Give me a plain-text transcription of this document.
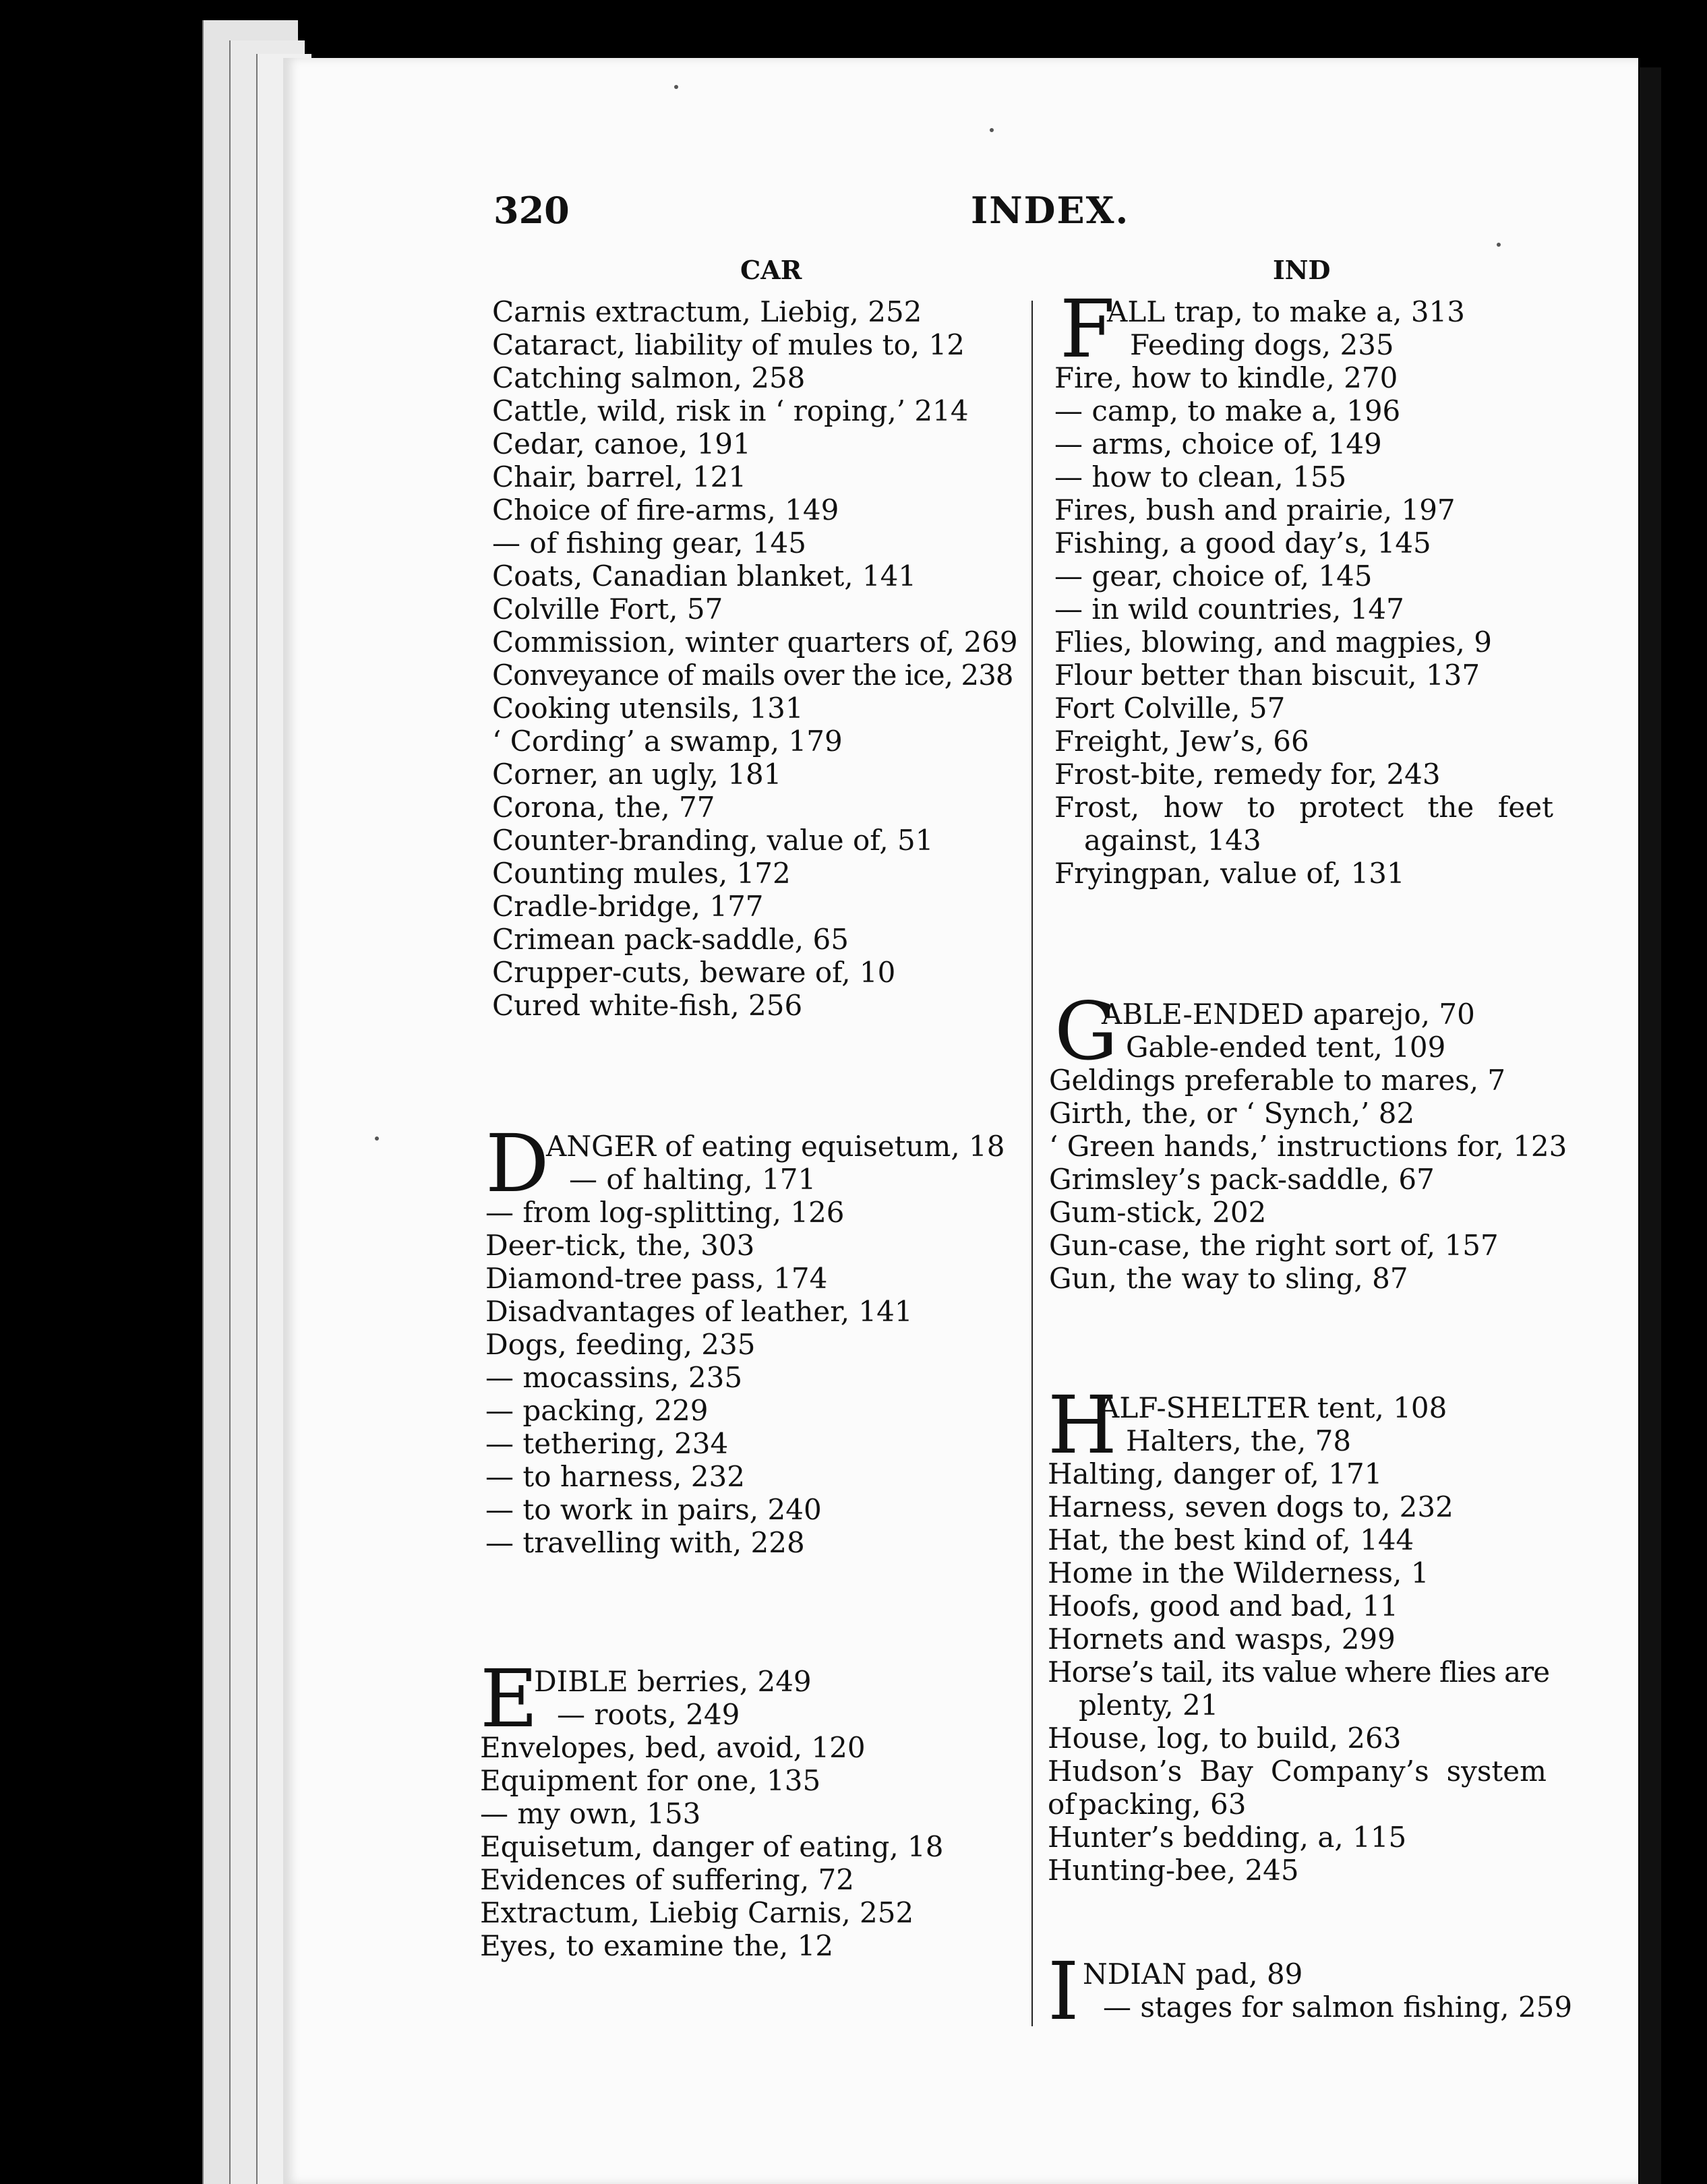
320	INDEX.
CAR	IND
Carnis extractum, Liebig, 252
Cataract, liability of mules to, 12
Catching salmon, 258
Cattle, wild, risk in ‘ roping,’ 214
Cedar, canoe, 191
Chair, barrel, 121
Choice of fire-arms, 149
— of fishing gear, 145
Coats, Canadian blanket, 141
Colville Fort, 57
Commission, winter quarters of, 269
Conveyance of mails over the ice, 238
Cooking utensils, 131
‘ Cording’ a swamp, 179
Corner, an ugly, 181
Corona, the, 77
Counter-branding, value of, 51
Counting mules, 172
Cradle-bridge, 177
Crimean pack-saddle, 65
Crupper-cuts, beware of, 10
Cured white-fish, 256
D
ANGER of eating equisetum, 18
— of halting, 171
— from log-splitting, 126
Deer-tick, the, 303
Diamond-tree pass, 174
Disadvantages of leather, 141
Dogs, feeding, 235
— mocassins, 235
— packing, 229
— tethering, 234
— to harness, 232
— to work in pairs, 240
— travelling with, 228
E
DIBLE berries, 249
— roots, 249
Envelopes, bed, avoid, 120
Equipment for one, 135
— my own, 153
Equisetum, danger of eating, 18
Evidences of suffering, 72
Extractum, Liebig Carnis, 252
Eyes, to examine the, 12
F
ALL trap, to make a, 313
Feeding dogs, 235
Fire, how to kindle, 270
— camp, to make a, 196
— arms, choice of, 149
— how to clean, 155
Fires, bush and prairie, 197
Fishing, a good day’s, 145
— gear, choice of, 145
— in wild countries, 147
Flies, blowing, and magpies, 9
Flour better than biscuit, 137
Fort Colville, 57
Freight, Jew’s, 66
Frost-bite, remedy for, 243
Frost, how to protect the feet
against, 143
Fryingpan, value of, 131
G
ABLE-ENDED aparejo, 70
Gable-ended tent, 109
Geldings preferable to mares, 7
Girth, the, or ‘ Synch,’ 82
‘ Green hands,’ instructions for, 123
Grimsley’s pack-saddle, 67
Gum-stick, 202
Gun-case, the right sort of, 157
Gun, the way to sling, 87
H
ALF-SHELTER tent, 108
Halters, the, 78
Halting, danger of, 171
Harness, seven dogs to, 232
Hat, the best kind of, 144
Home in the Wilderness, 1
Hoofs, good and bad, 11
Hornets and wasps, 299
Horse’s tail, its value where flies are
plenty, 21
House, log, to build, 263
Hudson’s Bay Company’s system of packing, 63
Hunter’s bedding, a, 115
Hunting-bee, 245
I NDIAN pad, 89
— stages for salmon fishing, 259
